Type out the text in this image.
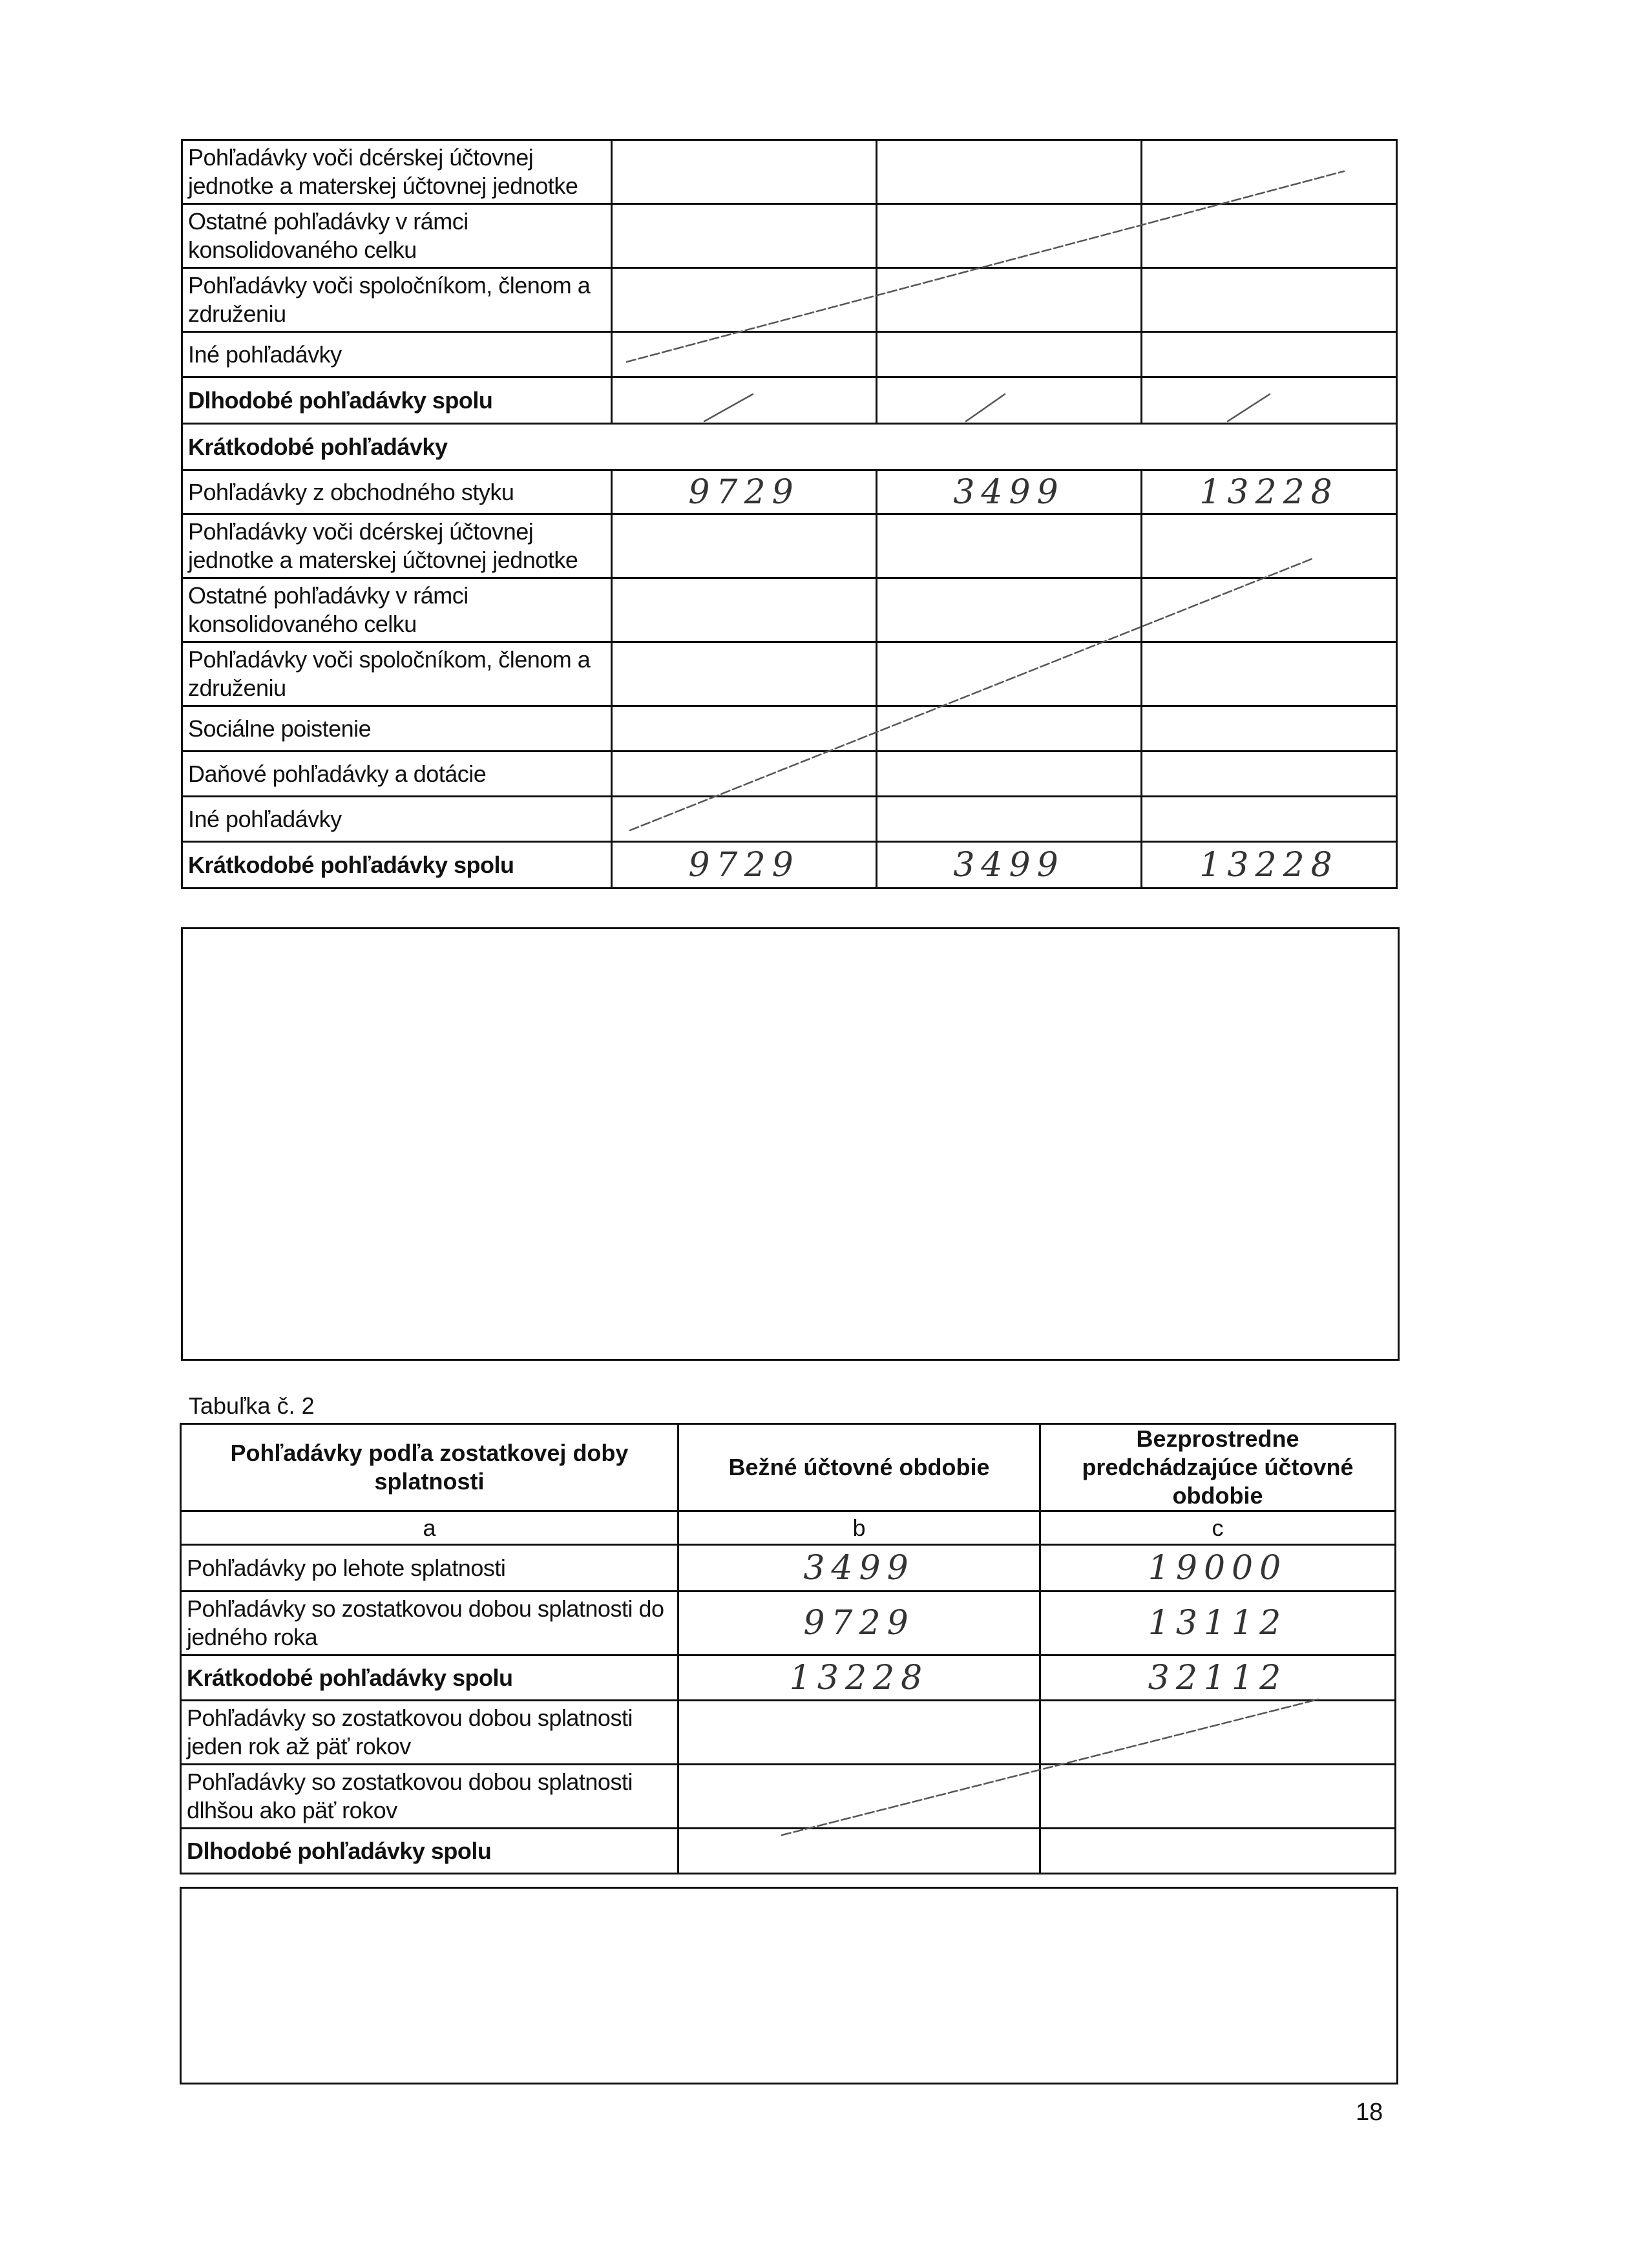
Pohľadávky voči dcérskej účtovnej jednotke a materskej účtovnej jednotke			
Ostatné pohľadávky v rámci konsolidovaného celku			
Pohľadávky voči spoločníkom, členom a združeniu			
Iné pohľadávky			
Dlhodobé pohľadávky spolu			
Krátkodobé pohľadávky			
Pohľadávky z obchodného styku	9729	3499	13228
Pohľadávky voči dcérskej účtovnej jednotke a materskej účtovnej jednotke			
Ostatné pohľadávky v rámci konsolidovaného celku			
Pohľadávky voči spoločníkom, členom a združeniu			
Sociálne poistenie			
Daňové pohľadávky a dotácie			
Iné pohľadávky			
Krátkodobé pohľadávky spolu	9729	3499	13228
Tabuľka č. 2
Pohľadávky podľa zostatkovej doby splatnosti	Bežné účtovné obdobie	Bezprostredne predchádzajúce účtovné obdobie
a	b	c
Pohľadávky po lehote splatnosti	3499	19000
Pohľadávky so zostatkovou dobou splatnosti do jedného roka	9729	13112
Krátkodobé pohľadávky spolu	13228	32112
Pohľadávky so zostatkovou dobou splatnosti jeden rok až päť rokov		
Pohľadávky so zostatkovou dobou splatnosti dlhšou ako päť rokov		
Dlhodobé pohľadávky spolu		
18
